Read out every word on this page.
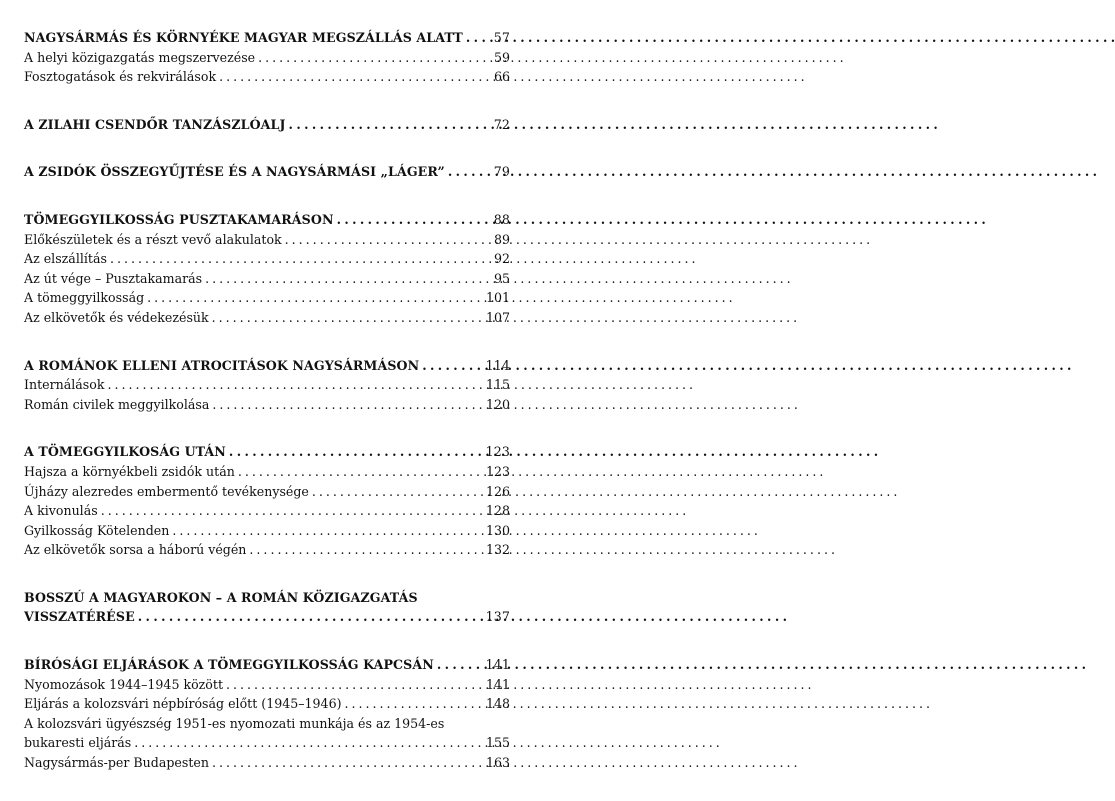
NAGYSÁRMÁS ÉS KÖRNYÉKE MAGYAR MEGSZÁLLÁS ALATT . . .	57
A helyi közigazgatás megszervezése . . .	59
Fosztogatások és rekvirálások . . .	66
A ZILAHI CSENDŐR TANZÁSZLÓALJ . . .	72
A ZSIDÓK ÖSSZEGYŰJTÉSE ÉS A NAGYSÁRMÁSI „LÁGER” . . .	79
TÖMEGGYILKOSSÁG PUSZTAKAMARÁSON . . .	88
Előkészületek és a részt vevő alakulatok . . .	89
Az elszállítás . . .	92
Az út vége – Pusztakamarás . . .	95
A tömeggyilkosság . . .	101
Az elkövetők és védekezésük . . .	107
A ROMÁNOK ELLENI ATROCITÁSOK NAGYSÁRMÁSON . . .	114
Internálások . . .	115
Román civilek meggyilkolása . . .	120
A TÖMEGGYILKOSÁG UTÁN . . .	123
Hajsza a környékbeli zsidók után . . .	123
Újházy alezredes embermentő tevékenysége . . .	126
A kivonulás . . .	128
Gyilkosság Kötelenden . . .	130
Az elkövetők sorsa a háború végén . . .	132
BOSSZÚ A MAGYAROKON – A ROMÁN KÖZIGAZGATÁS
VISSZATÉRÉSE . . .	137
BÍRÓSÁGI ELJÁRÁSOK A TÖMEGGYILKOSSÁG KAPCSÁN . . .	141
Nyomozások 1944–1945 között . . .	141
Eljárás a kolozsvári népbíróság előtt (1945–1946) . . .	148
A kolozsvári ügyészség 1951-es nyomozati munkája és az 1954-es
bukaresti eljárás . . .	155
Nagysármás-per Budapesten . . .	163
